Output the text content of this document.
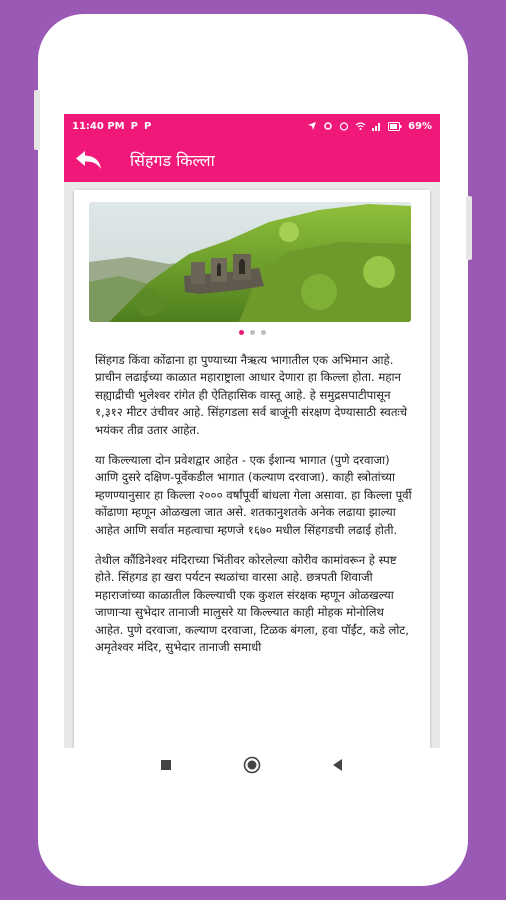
11:40 PM P P	69%
सिंहगड किल्ला

सिंहगड किंवा कोंढाना हा पुण्याच्या नैऋत्य भागातील एक अभिमान आहे. प्राचीन लढाईच्या काळात महाराष्ट्राला आधार देणारा हा किल्ला होता. महान सह्याद्रीची भुलेश्वर रांगेत ही ऐतिहासिक वास्तू आहे. हे समुद्रसपाटीपासून १,३१२ मीटर उंचीवर आहे. सिंहगडला सर्व बाजूंनी संरक्षण देण्यासाठी स्वतःचे भयंकर तीव्र उतार आहेत.

या किल्ल्याला दोन प्रवेशद्वार आहेत - एक ईशान्य भागात (पुणे दरवाजा) आणि दुसरे दक्षिण-पूर्वेकडील भागात (कल्याण दरवाजा). काही स्त्रोतांच्या म्हणण्यानुसार हा किल्ला २००० वर्षांपूर्वी बांधला गेला असावा. हा किल्ला पूर्वी कोंढाणा म्हणून ओळखला जात असे. शतकानुशतके अनेक लढाया झाल्या आहेत आणि सर्वात महत्वाचा म्हणजे १६७० मधील सिंहगडची लढाई होती.

तेथील कौंडिनेश्वर मंदिराच्या भिंतीवर कोरलेल्या कोरीव कामांवरून हे स्पष्ट होते. सिंहगड हा खरा पर्यटन स्थळांचा वारसा आहे. छत्रपती शिवाजी महाराजांच्या काळातील किल्ल्याची एक कुशल संरक्षक म्हणून ओळखल्या जाणाऱ्या सुभेदार तानाजी मालुसरे या किल्ल्यात काही मोहक मोनोलिथ आहेत. पुणे दरवाजा, कल्याण दरवाजा, टिळक बंगला, हवा पॉईंट, कडे लोट, अमृतेश्वर मंदिर, सुभेदार तानाजी समाधी
